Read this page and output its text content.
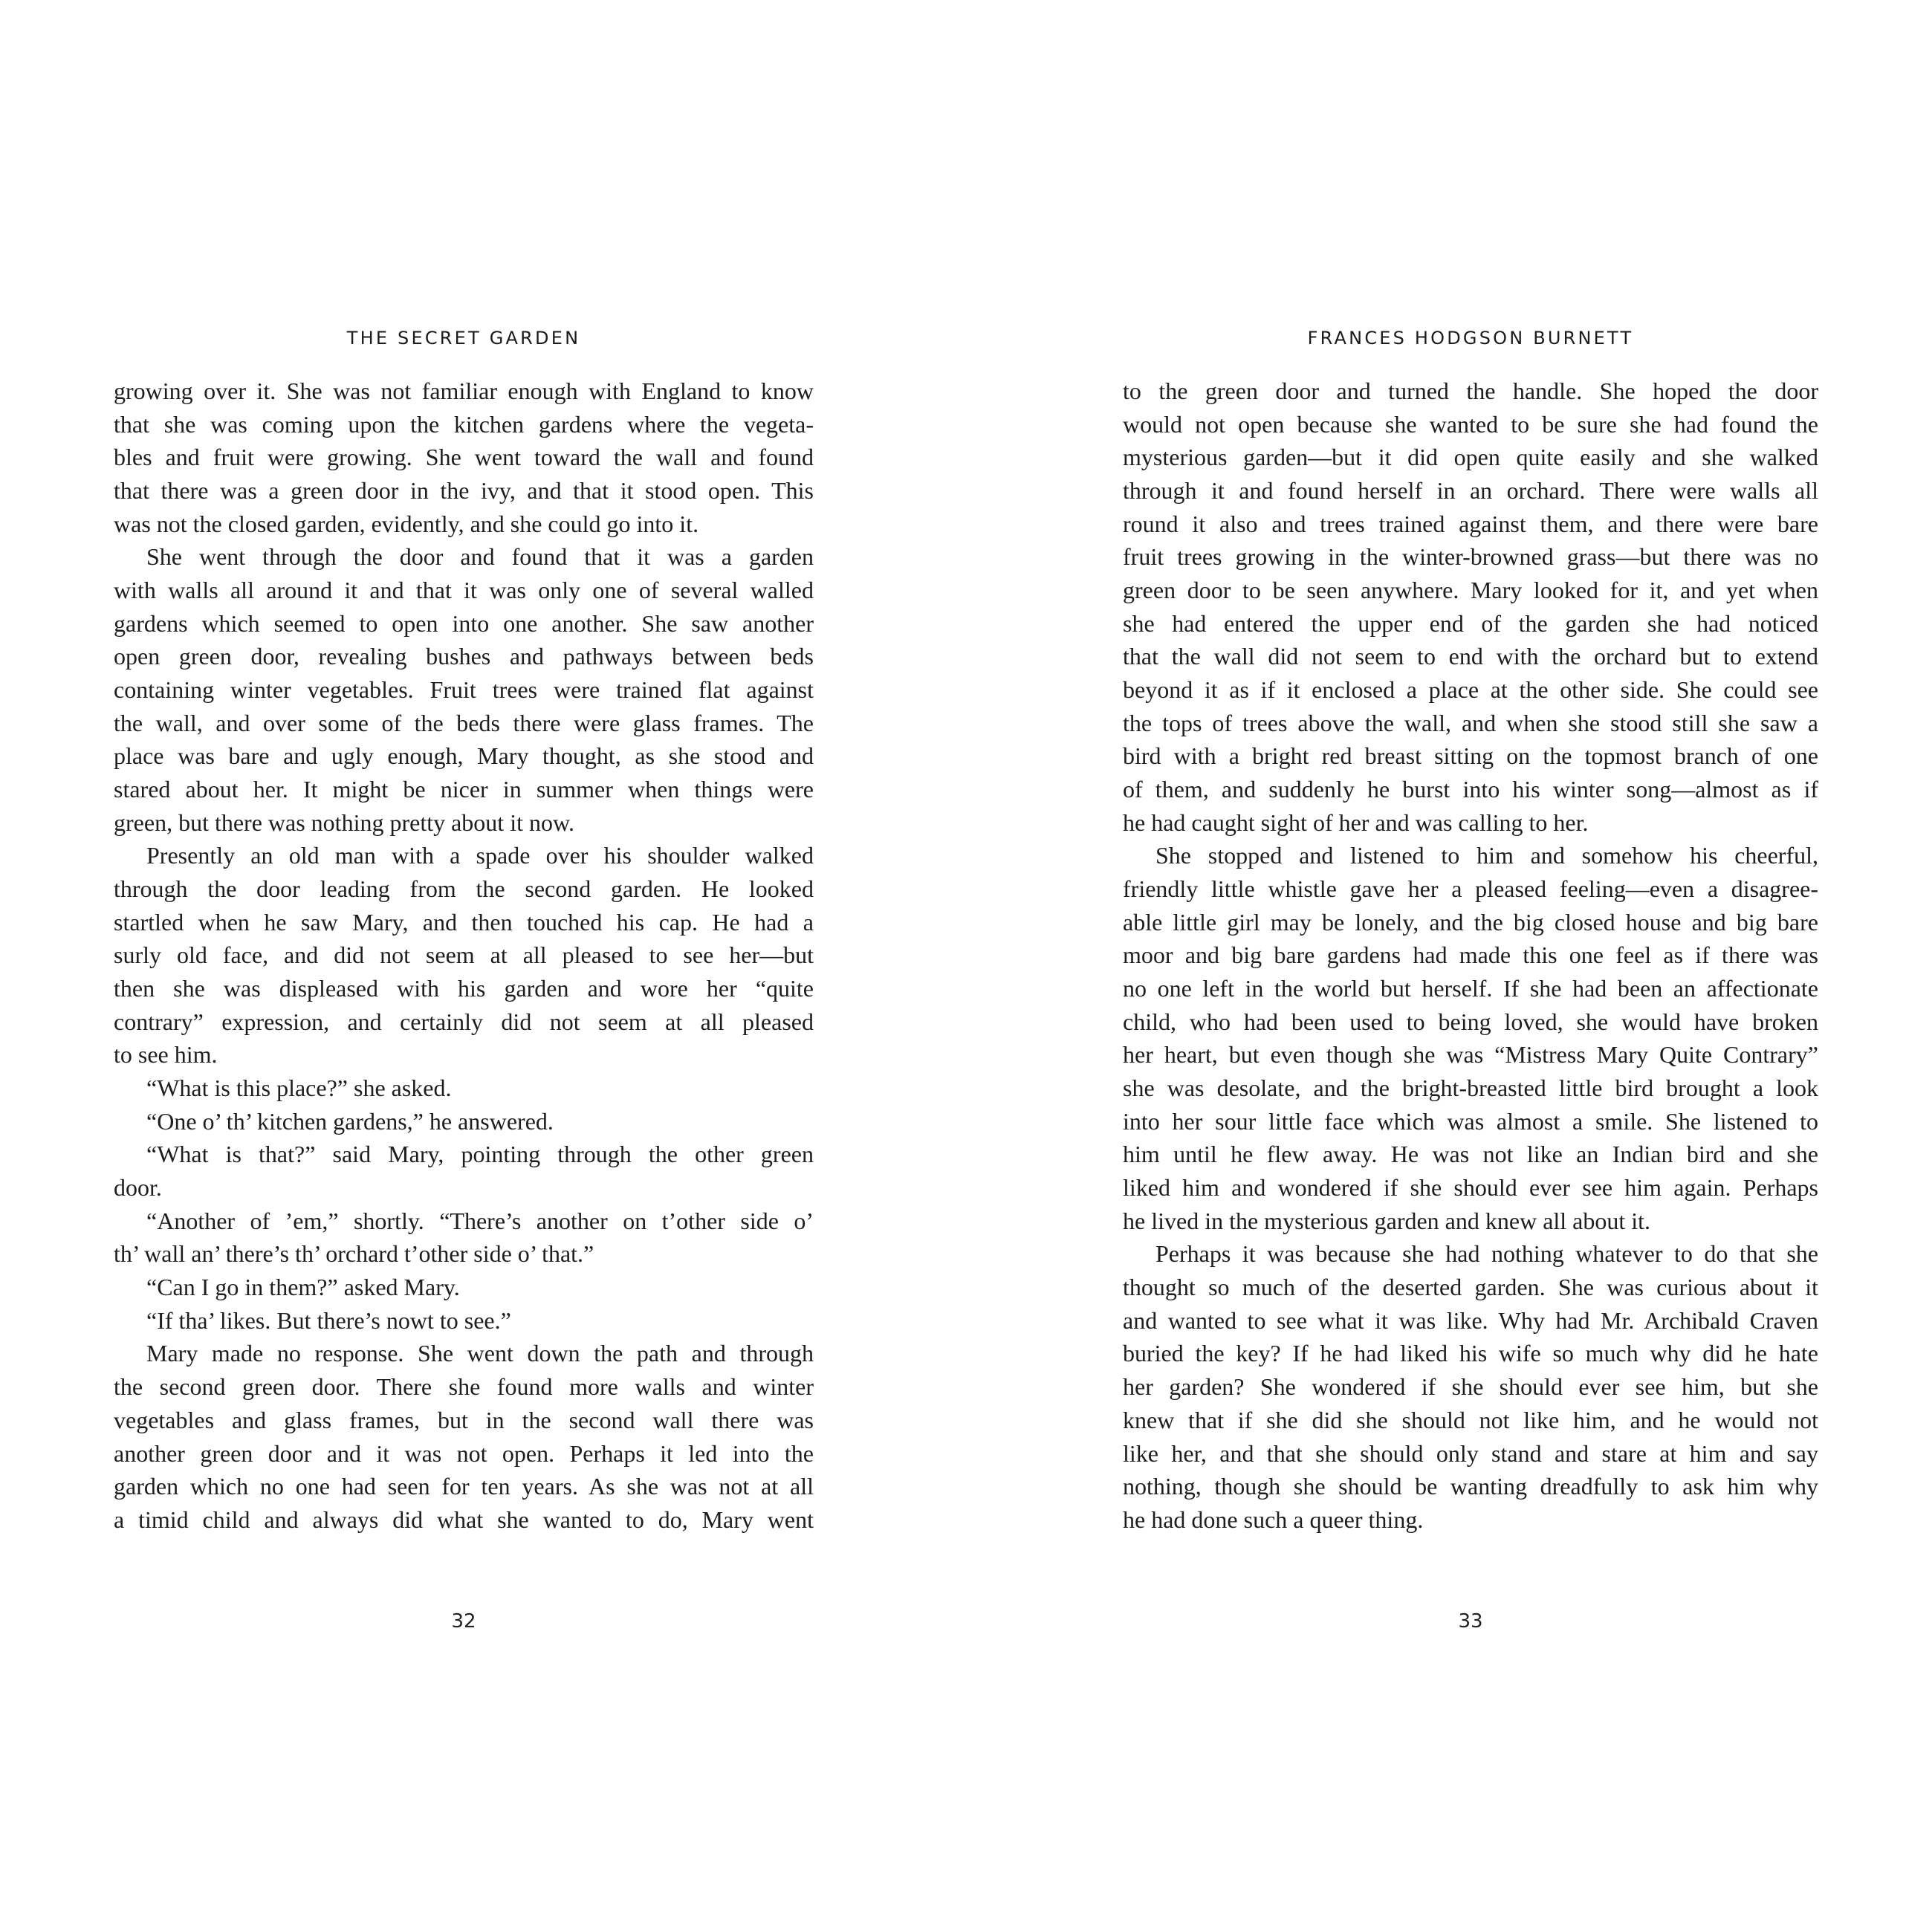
THE SECRET GARDEN
growing over it. She was not familiar enough with England to know
that she was coming upon the kitchen gardens where the vegeta-
bles and fruit were growing. She went toward the wall and found
that there was a green door in the ivy, and that it stood open. This
was not the closed garden, evidently, and she could go into it.
She went through the door and found that it was a garden
with walls all around it and that it was only one of several walled
gardens which seemed to open into one another. She saw another
open green door, revealing bushes and pathways between beds
containing winter vegetables. Fruit trees were trained flat against
the wall, and over some of the beds there were glass frames. The
place was bare and ugly enough, Mary thought, as she stood and
stared about her. It might be nicer in summer when things were
green, but there was nothing pretty about it now.
Presently an old man with a spade over his shoulder walked
through the door leading from the second garden. He looked
startled when he saw Mary, and then touched his cap. He had a
surly old face, and did not seem at all pleased to see her—but
then she was displeased with his garden and wore her “quite
contrary” expression, and certainly did not seem at all pleased
to see him.
“What is this place?” she asked.
“One o’ th’ kitchen gardens,” he answered.
“What is that?” said Mary, pointing through the other green
door.
“Another of ’em,” shortly. “There’s another on t’other side o’
th’ wall an’ there’s th’ orchard t’other side o’ that.”
“Can I go in them?” asked Mary.
“If tha’ likes. But there’s nowt to see.”
Mary made no response. She went down the path and through
the second green door. There she found more walls and winter
vegetables and glass frames, but in the second wall there was
another green door and it was not open. Perhaps it led into the
garden which no one had seen for ten years. As she was not at all
a timid child and always did what she wanted to do, Mary went
32
FRANCES HODGSON BURNETT
to the green door and turned the handle. She hoped the door
would not open because she wanted to be sure she had found the
mysterious garden—but it did open quite easily and she walked
through it and found herself in an orchard. There were walls all
round it also and trees trained against them, and there were bare
fruit trees growing in the winter-browned grass—but there was no
green door to be seen anywhere. Mary looked for it, and yet when
she had entered the upper end of the garden she had noticed
that the wall did not seem to end with the orchard but to extend
beyond it as if it enclosed a place at the other side. She could see
the tops of trees above the wall, and when she stood still she saw a
bird with a bright red breast sitting on the topmost branch of one
of them, and suddenly he burst into his winter song—almost as if
he had caught sight of her and was calling to her.
She stopped and listened to him and somehow his cheerful,
friendly little whistle gave her a pleased feeling—even a disagree-
able little girl may be lonely, and the big closed house and big bare
moor and big bare gardens had made this one feel as if there was
no one left in the world but herself. If she had been an affectionate
child, who had been used to being loved, she would have broken
her heart, but even though she was “Mistress Mary Quite Contrary”
she was desolate, and the bright-breasted little bird brought a look
into her sour little face which was almost a smile. She listened to
him until he flew away. He was not like an Indian bird and she
liked him and wondered if she should ever see him again. Perhaps
he lived in the mysterious garden and knew all about it.
Perhaps it was because she had nothing whatever to do that she
thought so much of the deserted garden. She was curious about it
and wanted to see what it was like. Why had Mr. Archibald Craven
buried the key? If he had liked his wife so much why did he hate
her garden? She wondered if she should ever see him, but she
knew that if she did she should not like him, and he would not
like her, and that she should only stand and stare at him and say
nothing, though she should be wanting dreadfully to ask him why
he had done such a queer thing.
33
